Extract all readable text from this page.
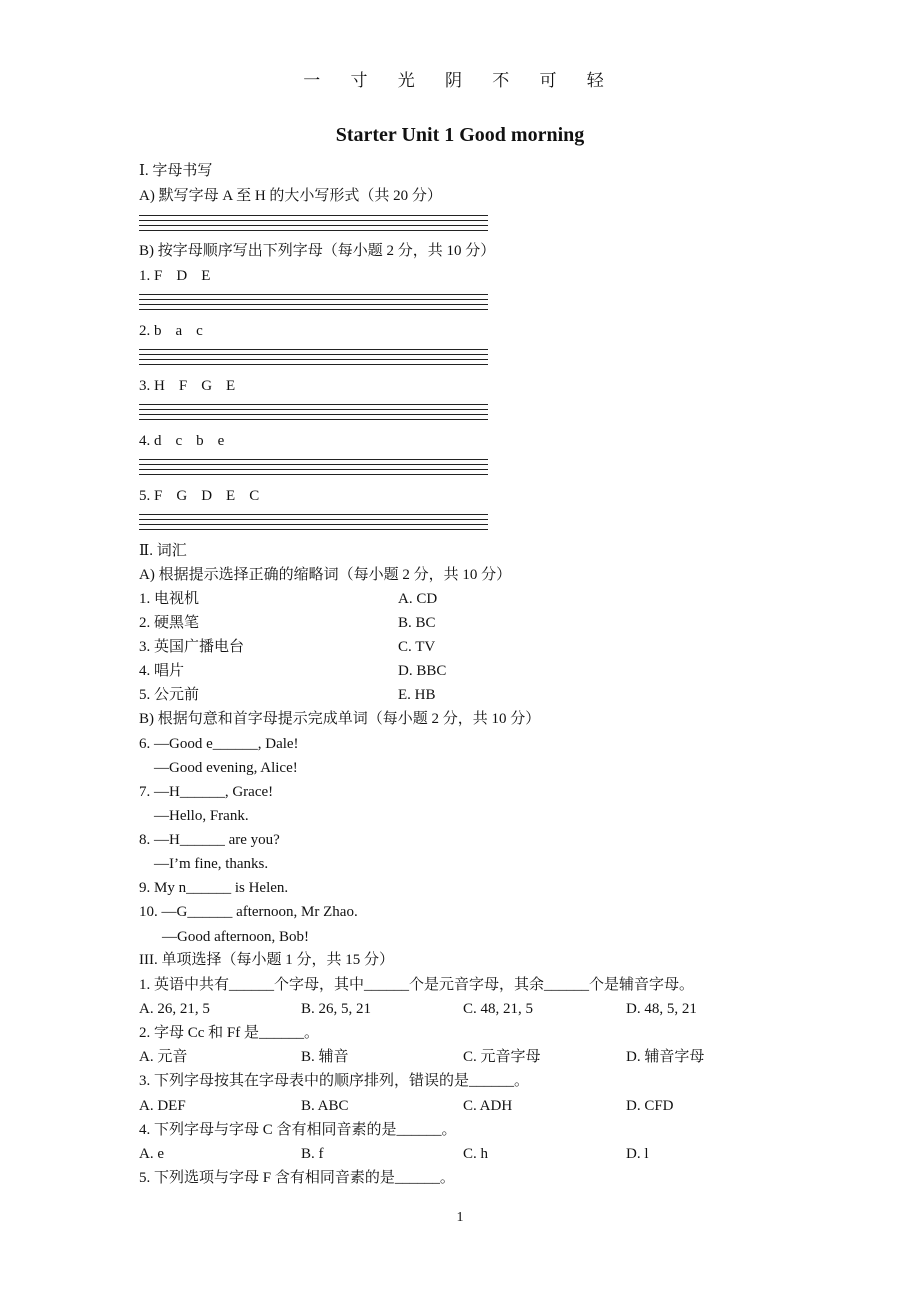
一 寸 光 阴 不 可 轻
Starter Unit 1 Good morning
Ⅰ. 字母书写
A) 默写字母 A 至 H 的大小写形式（共 20 分）
B) 按字母顺序写出下列字母（每小题 2 分，共 10 分）
1. F D E
2. b a c
3. H F G E
4. d c b e
5. F G D E C
Ⅱ. 词汇
A) 根据提示选择正确的缩略词（每小题 2 分，共 10 分）
1. 电视机	A. CD
2. 硬黑笔	B. BC
3. 英国广播电台	C. TV
4. 唱片	D. BBC
5. 公元前	E. HB
B) 根据句意和首字母提示完成单词（每小题 2 分，共 10 分）
6. —Good e______, Dale!
—Good evening, Alice!
7. —H______, Grace!
—Hello, Frank.
8. —H______ are you?
—I’m fine, thanks.
9. My n______ is Helen.
10. —G______ afternoon, Mr Zhao.
—Good afternoon, Bob!
III. 单项选择（每小题 1 分，共 15 分）
1. 英语中共有______个字母，其中______个是元音字母，其余______个是辅音字母。
A. 26, 21, 5	B. 26, 5, 21	C. 48, 21, 5	D. 48, 5, 21
2. 字母 Cc 和 Ff 是______。
A. 元音	B. 辅音	C. 元音字母	D. 辅音字母
3. 下列字母按其在字母表中的顺序排列，错误的是______。
A. DEF	B. ABC	C. ADH	D. CFD
4. 下列字母与字母 C 含有相同音素的是______。
A. e	B. f	C. h	D. l
5. 下列选项与字母 F 含有相同音素的是______。
1
